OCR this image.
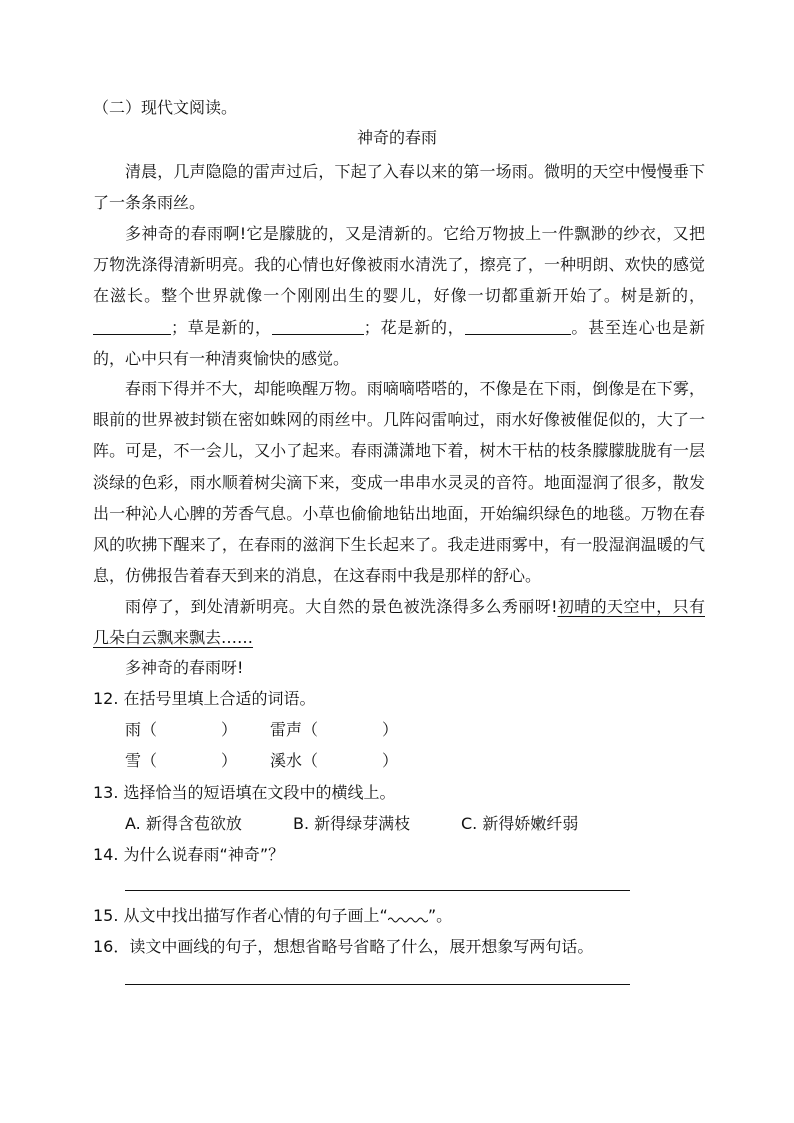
（二）现代文阅读。
神奇的春雨
清晨，几声隐隐的雷声过后，下起了入春以来的第一场雨。微明的天空中慢慢垂下了一条条雨丝。
多神奇的春雨啊!它是朦胧的，又是清新的。它给万物披上一件飘渺的纱衣，又把万物洗涤得清新明亮。我的心情也好像被雨水清洗了，擦亮了，一种明朗、欢快的感觉在滋长。整个世界就像一个刚刚出生的婴儿，好像一切都重新开始了。树是新的，；草是新的，	；花是新的，	。甚至连心也是新的，心中只有一种清爽愉快的感觉。
春雨下得并不大，却能唤醒万物。雨嘀嘀嗒嗒的，不像是在下雨，倒像是在下雾，眼前的世界被封锁在密如蛛网的雨丝中。几阵闷雷响过，雨水好像被催促似的，大了一阵。可是，不一会儿，又小了起来。春雨潇潇地下着，树木干枯的枝条朦朦胧胧有一层淡绿的色彩，雨水顺着树尖滴下来，变成一串串水灵灵的音符。地面湿润了很多，散发出一种沁人心脾的芳香气息。小草也偷偷地钻出地面，开始编织绿色的地毯。万物在春风的吹拂下醒来了，在春雨的滋润下生长起来了。我走进雨雾中，有一股湿润温暖的气息，仿佛报告着春天到来的消息，在这春雨中我是那样的舒心。
雨停了，到处清新明亮。大自然的景色被洗涤得多么秀丽呀!初晴的天空中，只有几朵白云飘来飘去……
多神奇的春雨呀!
12. 在括号里填上合适的词语。
雨（　　　　） 雷声（　　　　）
雪（　　　　） 溪水（　　　　）
13. 选择恰当的短语填在文段中的横线上。
A. 新得含苞欲放	B. 新得绿芽满枝	C. 新得娇嫩纤弱
14. 为什么说春雨“神奇”？
15. 从文中找出描写作者心情的句子画上“	”。
16．读文中画线的句子，想想省略号省略了什么，展开想象写两句话。
